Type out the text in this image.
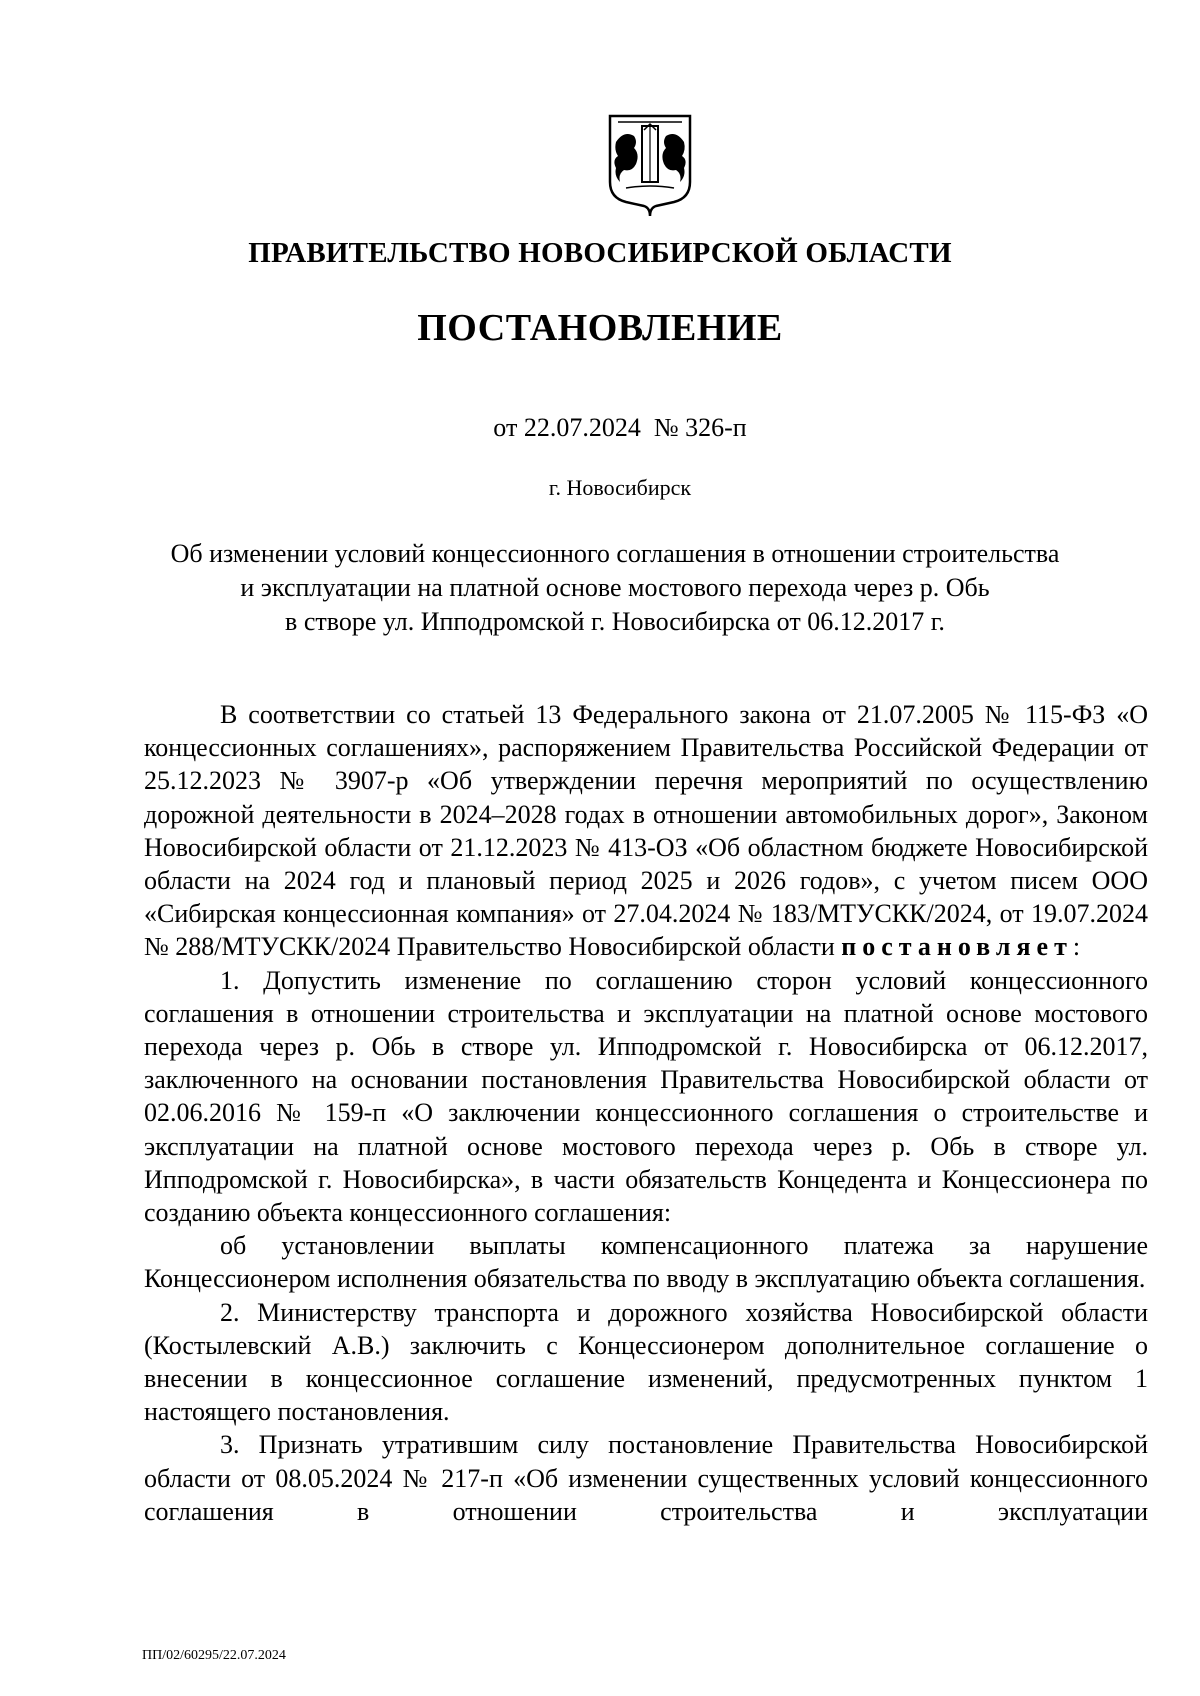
ПРАВИТЕЛЬСТВО НОВОСИБИРСКОЙ ОБЛАСТИ
ПОСТАНОВЛЕНИЕ
от 22.07.2024  № 326-п
г. Новосибирск
Об изменении условий концессионного соглашения в отношении строительства
и эксплуатации на платной основе мостового перехода через р. Обь
в створе ул. Ипподромской г. Новосибирска от 06.12.2017 г.

В соответствии со статьей 13 Федерального закона от 21.07.2005 № 115-ФЗ «О концессионных соглашениях», распоряжением Правительства Российской Федерации от 25.12.2023 № 3907-р «Об утверждении перечня мероприятий по осуществлению дорожной деятельности в 2024–2028 годах в отношении автомобильных дорог», Законом Новосибирской области от 21.12.2023 № 413-ОЗ «Об областном бюджете Новосибирской области на 2024 год и плановый период 2025 и 2026 годов», с учетом писем ООО «Сибирская концессионная компания» от 27.04.2024 № 183/МТУСКК/2024, от 19.07.2024 № 288/МТУСКК/2024 Правительство Новосибирской области постановляет:

1. Допустить изменение по соглашению сторон условий концессионного соглашения в отношении строительства и эксплуатации на платной основе мостового перехода через р. Обь в створе ул. Ипподромской г. Новосибирска от 06.12.2017, заключенного на основании постановления Правительства Новосибирской области от 02.06.2016 № 159-п «О заключении концессионного соглашения о строительстве и эксплуатации на платной основе мостового перехода через р. Обь в створе ул. Ипподромской г. Новосибирска», в части обязательств Концедента и Концессионера по созданию объекта концессионного соглашения:

об установлении выплаты компенсационного платежа за нарушение Концессионером исполнения обязательства по вводу в эксплуатацию объекта соглашения.

2. Министерству транспорта и дорожного хозяйства Новосибирской области (Костылевский А.В.) заключить с Концессионером дополнительное соглашение о внесении в концессионное соглашение изменений, предусмотренных пунктом 1 настоящего постановления.

3. Признать утратившим силу постановление Правительства Новосибирской области от 08.05.2024 № 217-п «Об изменении существенных условий концессионного соглашения в отношении строительства и эксплуатации

ПП/02/60295/22.07.2024
